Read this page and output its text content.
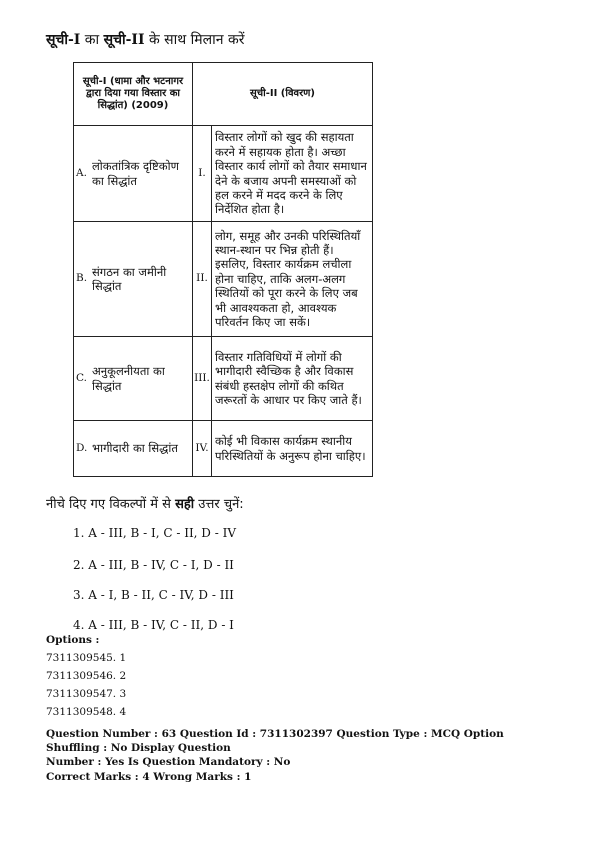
सूची-I का सूची-II के साथ मिलान करें
सूची-I (धामा और भटनागर द्वारा दिया गया विस्तार का सिद्धांत) (2009)		सूची-II (विवरण)	
A.	लोकतांत्रिक दृष्टिकोण का सिद्धांत	I.	विस्तार लोगों को खुद की सहायता करने में सहायक होता है। अच्छा विस्तार कार्य लोगों को तैयार समाधान देने के बजाय अपनी समस्याओं को हल करने में मदद करने के लिए निर्देशित होता है।
B.	संगठन का जमीनी सिद्धांत	II.	लोग, समूह और उनकी परिस्थितियाँ स्थान-स्थान पर भिन्न होती हैं। इसलिए, विस्तार कार्यक्रम लचीला होना चाहिए, ताकि अलग-अलग स्थितियों को पूरा करने के लिए जब भी आवश्यकता हो, आवश्यक परिवर्तन किए जा सकें।
C.	अनुकूलनीयता का सिद्धांत	III.	विस्तार गतिविधियों में लोगों की भागीदारी स्वैच्छिक है और विकास संबंधी हस्तक्षेप लोगों की कथित जरूरतों के आधार पर किए जाते हैं।
D.	भागीदारी का सिद्धांत	IV.	कोई भी विकास कार्यक्रम स्थानीय परिस्थितियों के अनुरूप होना चाहिए।
नीचे दिए गए विकल्पों में से सही उत्तर चुनें:
1. A - III, B - I, C - II, D - IV
2. A - III, B - IV, C - I, D - II
3. A - I, B - II, C - IV, D - III
4. A - III, B - IV, C - II, D - I
Options :
7311309545. 1
7311309546. 2
7311309547. 3
7311309548. 4
Question Number : 63 Question Id : 7311302397 Question Type : MCQ Option Shuffling : No Display Question
Number : Yes Is Question Mandatory : No
Correct Marks : 4 Wrong Marks : 1
